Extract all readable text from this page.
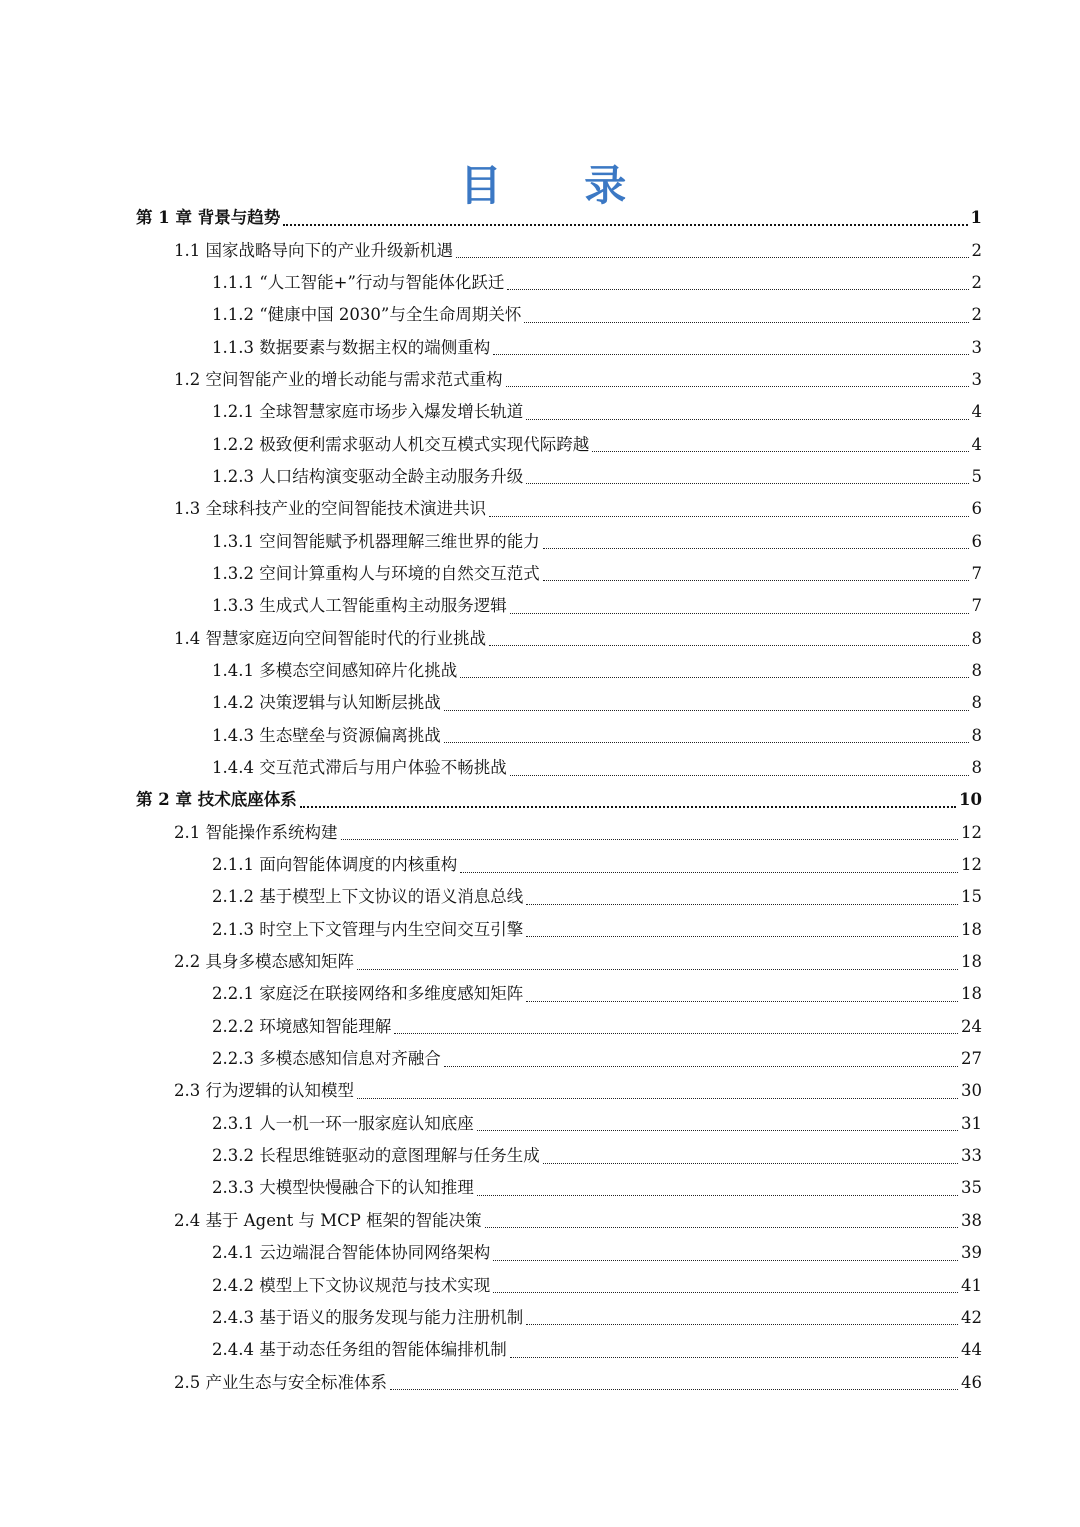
目 录
第 1 章 背景与趋势	1
1.1 国家战略导向下的产业升级新机遇	2
1.1.1 “人工智能+”行动与智能体化跃迁	2
1.1.2 “健康中国 2030”与全生命周期关怀	2
1.1.3 数据要素与数据主权的端侧重构	3
1.2 空间智能产业的增长动能与需求范式重构	3
1.2.1 全球智慧家庭市场步入爆发增长轨道	4
1.2.2 极致便利需求驱动人机交互模式实现代际跨越	4
1.2.3 人口结构演变驱动全龄主动服务升级	5
1.3 全球科技产业的空间智能技术演进共识	6
1.3.1 空间智能赋予机器理解三维世界的能力	6
1.3.2 空间计算重构人与环境的自然交互范式	7
1.3.3 生成式人工智能重构主动服务逻辑	7
1.4 智慧家庭迈向空间智能时代的行业挑战	8
1.4.1 多模态空间感知碎片化挑战	8
1.4.2 决策逻辑与认知断层挑战	8
1.4.3 生态壁垒与资源偏离挑战	8
1.4.4 交互范式滞后与用户体验不畅挑战	8
第 2 章 技术底座体系	10
2.1 智能操作系统构建	12
2.1.1 面向智能体调度的内核重构	12
2.1.2 基于模型上下文协议的语义消息总线	15
2.1.3 时空上下文管理与内生空间交互引擎	18
2.2 具身多模态感知矩阵	18
2.2.1 家庭泛在联接网络和多维度感知矩阵	18
2.2.2 环境感知智能理解	24
2.2.3 多模态感知信息对齐融合	27
2.3 行为逻辑的认知模型	30
2.3.1 人一机一环一服家庭认知底座	31
2.3.2 长程思维链驱动的意图理解与任务生成	33
2.3.3 大模型快慢融合下的认知推理	35
2.4 基于 Agent 与 MCP 框架的智能决策	38
2.4.1 云边端混合智能体协同网络架构	39
2.4.2 模型上下文协议规范与技术实现	41
2.4.3 基于语义的服务发现与能力注册机制	42
2.4.4 基于动态任务组的智能体编排机制	44
2.5 产业生态与安全标准体系	46
